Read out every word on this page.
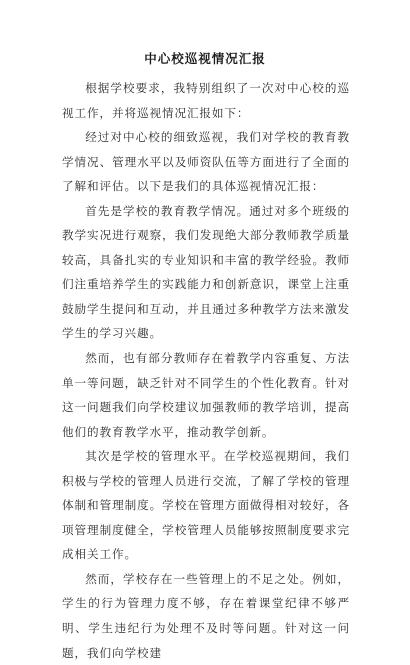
中心校巡视情况汇报

根据学校要求，我特别组织了一次对中心校的巡视工作，并将巡视情况汇报如下：

经过对中心校的细致巡视，我们对学校的教育教学情况、管理水平以及师资队伍等方面进行了全面的了解和评估。以下是我们的具体巡视情况汇报：

首先是学校的教育教学情况。通过对多个班级的教学实况进行观察，我们发现绝大部分教师教学质量较高，具备扎实的专业知识和丰富的教学经验。教师们注重培养学生的实践能力和创新意识，课堂上注重鼓励学生提问和互动，并且通过多种教学方法来激发学生的学习兴趣。

然而，也有部分教师存在着教学内容重复、方法单一等问题，缺乏针对不同学生的个性化教育。针对这一问题我们向学校建议加强教师的教学培训，提高他们的教育教学水平，推动教学创新。

其次是学校的管理水平。在学校巡视期间，我们积极与学校的管理人员进行交流，了解了学校的管理体制和管理制度。学校在管理方面做得相对较好，各项管理制度健全，学校管理人员能够按照制度要求完成相关工作。

然而，学校存在一些管理上的不足之处。例如，学生的行为管理力度不够，存在着课堂纪律不够严明、学生违纪行为处理不及时等问题。针对这一问题，我们向学校建
